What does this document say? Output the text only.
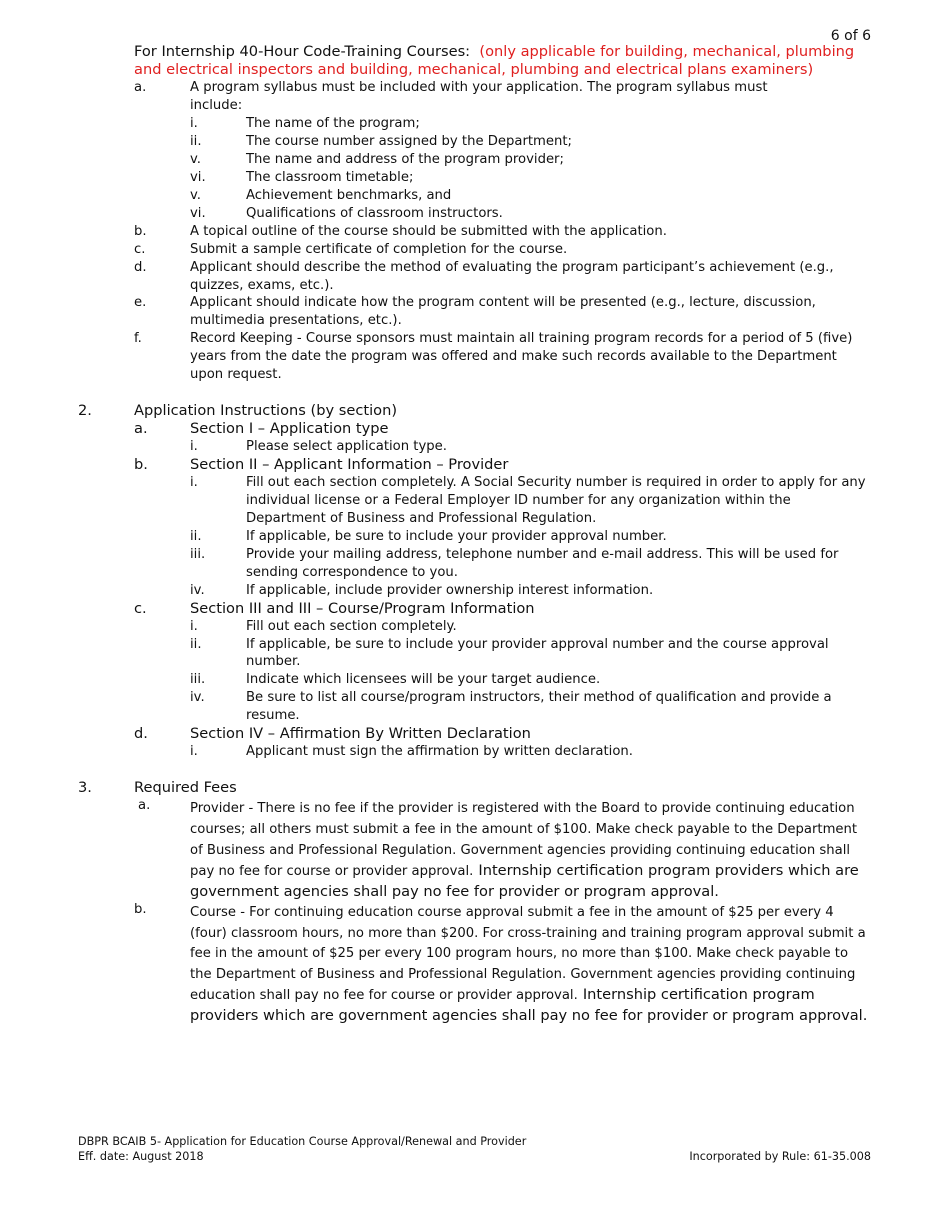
6 of 6
For Internship 40-Hour Code-Training Courses: (only applicable for building, mechanical, plumbing and electrical inspectors and building, mechanical, plumbing and electrical plans examiners)
a.	A program syllabus must be included with your application. The program syllabus must include:
i.	The name of the program;
ii.	The course number assigned by the Department;
v.	The name and address of the program provider;
vi.	The classroom timetable;
v.	Achievement benchmarks, and
vi.	Qualifications of classroom instructors.
b.	A topical outline of the course should be submitted with the application.
c.	Submit a sample certificate of completion for the course.
d.	Applicant should describe the method of evaluating the program participant’s achievement (e.g., quizzes, exams, etc.).
e.	Applicant should indicate how the program content will be presented (e.g., lecture, discussion, multimedia presentations, etc.).
f.	Record Keeping - Course sponsors must maintain all training program records for a period of 5 (five) years from the date the program was offered and make such records available to the Department upon request.
2.	Application Instructions (by section)
a.	Section I – Application type
i.	Please select application type.
b.	Section II – Applicant Information – Provider
i.	Fill out each section completely. A Social Security number is required in order to apply for any individual license or a Federal Employer ID number for any organization within the Department of Business and Professional Regulation.
ii.	If applicable, be sure to include your provider approval number.
iii.	Provide your mailing address, telephone number and e-mail address. This will be used for sending correspondence to you.
iv.	If applicable, include provider ownership interest information.
c.	Section III and III – Course/Program Information
i.	Fill out each section completely.
ii.	If applicable, be sure to include your provider approval number and the course approval number.
iii.	Indicate which licensees will be your target audience.
iv.	Be sure to list all course/program instructors, their method of qualification and provide a resume.
d.	Section IV – Affirmation By Written Declaration
i.	Applicant must sign the affirmation by written declaration.
3.	Required Fees
a.	Provider - There is no fee if the provider is registered with the Board to provide continuing education courses; all others must submit a fee in the amount of $100. Make check payable to the Department of Business and Professional Regulation. Government agencies providing continuing education shall pay no fee for course or provider approval. Internship certification program providers which are government agencies shall pay no fee for provider or program approval.
b.	Course - For continuing education course approval submit a fee in the amount of $25 per every 4 (four) classroom hours, no more than $200. For cross-training and training program approval submit a fee in the amount of $25 per every 100 program hours, no more than $100. Make check payable to the Department of Business and Professional Regulation. Government agencies providing continuing education shall pay no fee for course or provider approval. Internship certification program providers which are government agencies shall pay no fee for provider or program approval.
DBPR BCAIB 5- Application for Education Course Approval/Renewal and Provider
Eff. date: August 2018	Incorporated by Rule: 61-35.008
